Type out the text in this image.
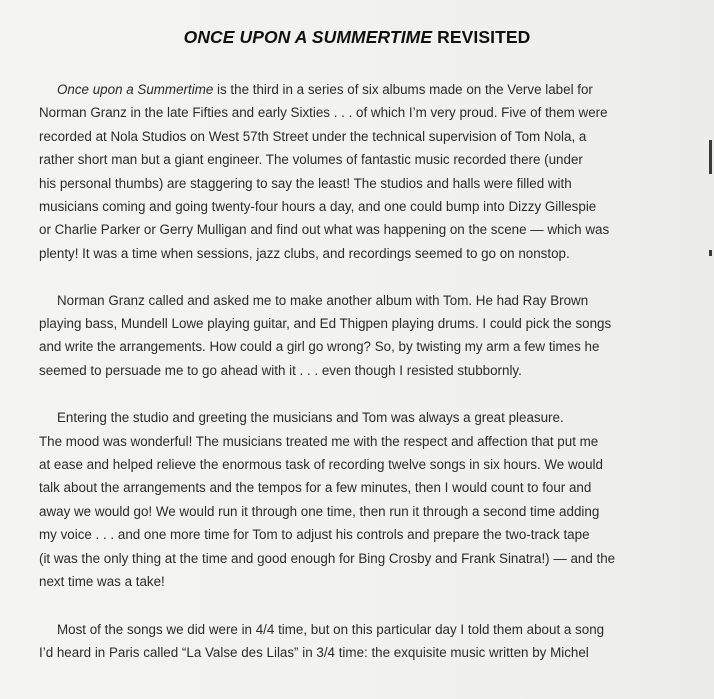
ONCE UPON A SUMMERTIME REVISITED

Once upon a Summertime is the third in a series of six albums made on the Verve label for
Norman Granz in the late Fifties and early Sixties . . . of which I’m very proud. Five of them were
recorded at Nola Studios on West 57th Street under the technical supervision of Tom Nola, a
rather short man but a giant engineer. The volumes of fantastic music recorded there (under
his personal thumbs) are staggering to say the least! The studios and halls were filled with
musicians coming and going twenty-four hours a day, and one could bump into Dizzy Gillespie
or Charlie Parker or Gerry Mulligan and find out what was happening on the scene — which was
plenty! It was a time when sessions, jazz clubs, and recordings seemed to go on nonstop.

Norman Granz called and asked me to make another album with Tom. He had Ray Brown
playing bass, Mundell Lowe playing guitar, and Ed Thigpen playing drums. I could pick the songs
and write the arrangements. How could a girl go wrong? So, by twisting my arm a few times he
seemed to persuade me to go ahead with it . . . even though I resisted stubbornly.

Entering the studio and greeting the musicians and Tom was always a great pleasure.
The mood was wonderful! The musicians treated me with the respect and affection that put me
at ease and helped relieve the enormous task of recording twelve songs in six hours. We would
talk about the arrangements and the tempos for a few minutes, then I would count to four and
away we would go! We would run it through one time, then run it through a second time adding
my voice . . . and one more time for Tom to adjust his controls and prepare the two-track tape
(it was the only thing at the time and good enough for Bing Crosby and Frank Sinatra!) — and the
next time was a take!

Most of the songs we did were in 4/4 time, but on this particular day I told them about a song
I’d heard in Paris called “La Valse des Lilas” in 3/4 time: the exquisite music written by Michel
